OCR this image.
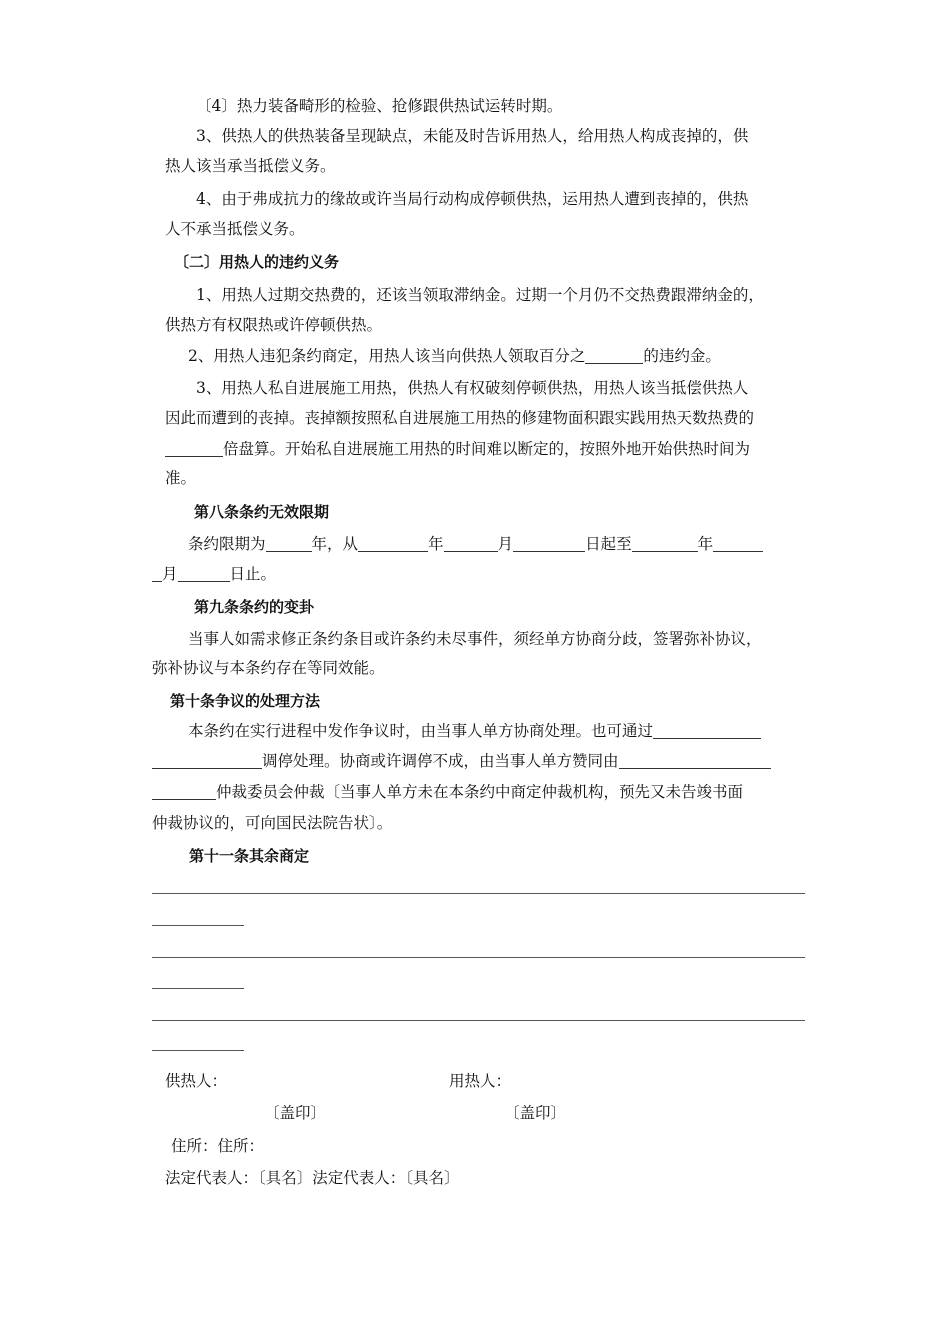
〔4〕热力装备畸形的检验、抢修跟供热试运转时期。
3、供热人的供热装备呈现缺点，未能及时告诉用热人，给用热人构成丧掉的，供
热人该当承当抵偿义务。
4、由于弗成抗力的缘故或许当局行动构成停顿供热，运用热人遭到丧掉的，供热
人不承当抵偿义务。
〔二〕用热人的违约义务
1、用热人过期交热费的，还该当领取滞纳金。过期一个月仍不交热费跟滞纳金的，
供热方有权限热或许停顿供热。
2、用热人违犯条约商定，用热人该当向供热人领取百分之	的违约金。
3、用热人私自进展施工用热，供热人有权破刻停顿供热，用热人该当抵偿供热人
因此而遭到的丧掉。丧掉额按照私自进展施工用热的修建物面积跟实践用热天数热费的
倍盘算。开始私自进展施工用热的时间难以断定的，按照外地开始供热时间为
准。
第八条条约无效限期
条约限期为	年，从	年	月	日起至	年
月	日止。
第九条条约的变卦
当事人如需求修正条约条目或许条约未尽事件，须经单方协商分歧，签署弥补协议，
弥补协议与本条约存在等同效能。
第十条争议的处理方法
本条约在实行进程中发作争议时，由当事人单方协商处理。也可通过
调停处理。协商或许调停不成，由当事人单方赞同由
仲裁委员会仲裁〔当事人单方未在本条约中商定仲裁机构，预先又未告竣书面
仲裁协议的，可向国民法院告状〕。
第十一条其余商定
供热人：	用热人：
〔盖印〕	〔盖印〕
住所：住所：
法定代表人：〔具名〕法定代表人：〔具名〕
